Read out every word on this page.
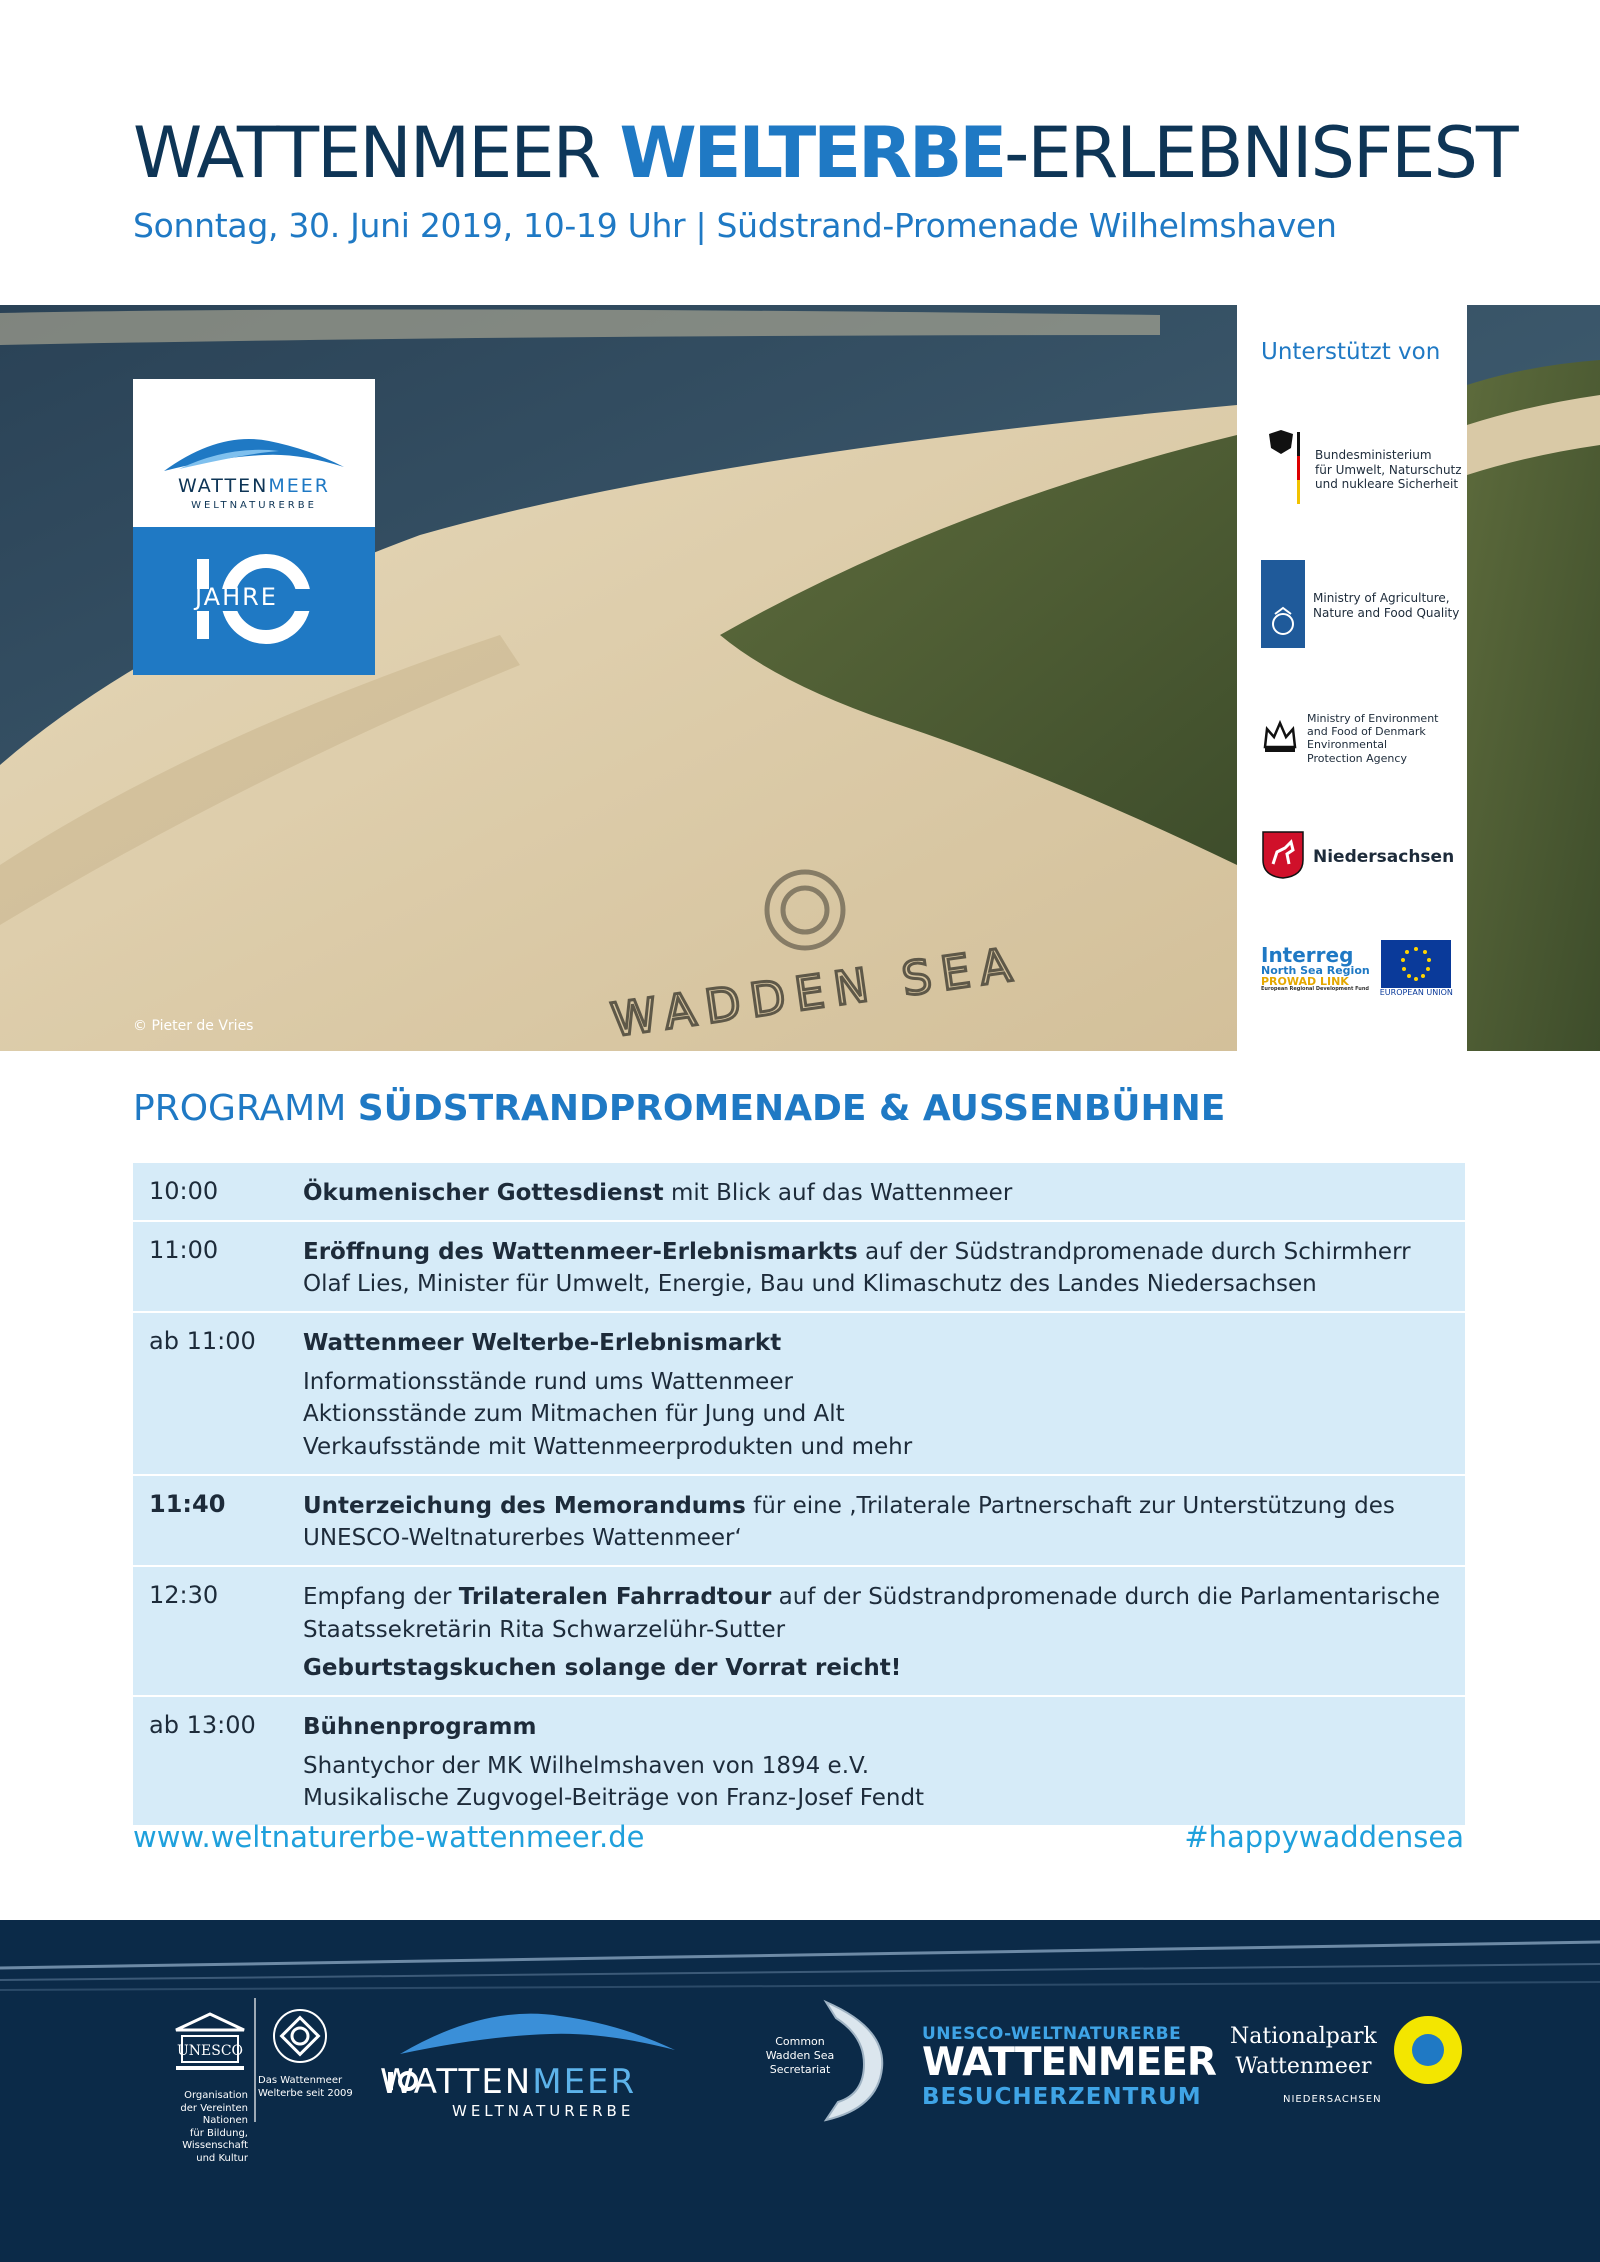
WATTENMEER WELTERBE-ERLEBNISFEST
Sonntag, 30. Juni 2019, 10-19 Uhr | Südstrand-Promenade Wilhelmshaven
WADDEN SEA
© Pieter de Vries
WATTENMEER
WELTNATURERBE
JAHRE
Unterstützt von
Bundesministerium
für Umwelt, Naturschutz
und nukleare Sicherheit
Ministry of Agriculture,
Nature and Food Quality
Ministry of Environment
and Food of Denmark
Environmental
Protection Agency
Niedersachsen
Interreg
North Sea Region
PROWAD LINK
European Regional Development Fund EUROPEAN UNION
PROGRAMM SÜDSTRANDPROMENADE & AUSSENBÜHNE
10:00	Ökumenischer Gottesdienst mit Blick auf das Wattenmeer

11:00	Eröffnung des Wattenmeer-Erlebnismarkts auf der Südstrandpromenade durch Schirmherr Olaf Lies, Minister für Umwelt, Energie, Bau und Klimaschutz des Landes Niedersachsen

ab 11:00	Wattenmeer Welterbe-Erlebnismarkt

Informationsstände rund ums Wattenmeer

Aktionsstände zum Mitmachen für Jung und Alt

Verkaufsstände mit Wattenmeerprodukten und mehr

11:40	Unterzeichung des Memorandums für eine ‚Trilaterale Partnerschaft zur Unterstützung des UNESCO-Weltnaturerbes Wattenmeer‘

12:30	Empfang der Trilateralen Fahrradtour auf der Südstrandpromenade durch die Parlamentarische Staatssekretärin Rita Schwarzelühr-Sutter

Geburtstagskuchen solange der Vorrat reicht!

ab 13:00	Bühnenprogramm

Shantychor der MK Wilhelmshaven von 1894 e.V.

Musikalische Zugvogel-Beiträge von Franz-Josef Fendt

www.weltnaturerbe-wattenmeer.de	#happywaddensea
UNESCO
Organisation
der Vereinten Nationen
für Bildung, Wissenschaft
und Kultur
Das Wattenmeer
Welterbe seit 2009 WATTENMEER
WELTNATURERBE
Common
Wadden Sea
Secretariat
UNESCO-WELTNATURERBE
WATTENMEER
BESUCHERZENTRUM
Nationalpark
Wattenmeer
NIEDERSACHSEN
